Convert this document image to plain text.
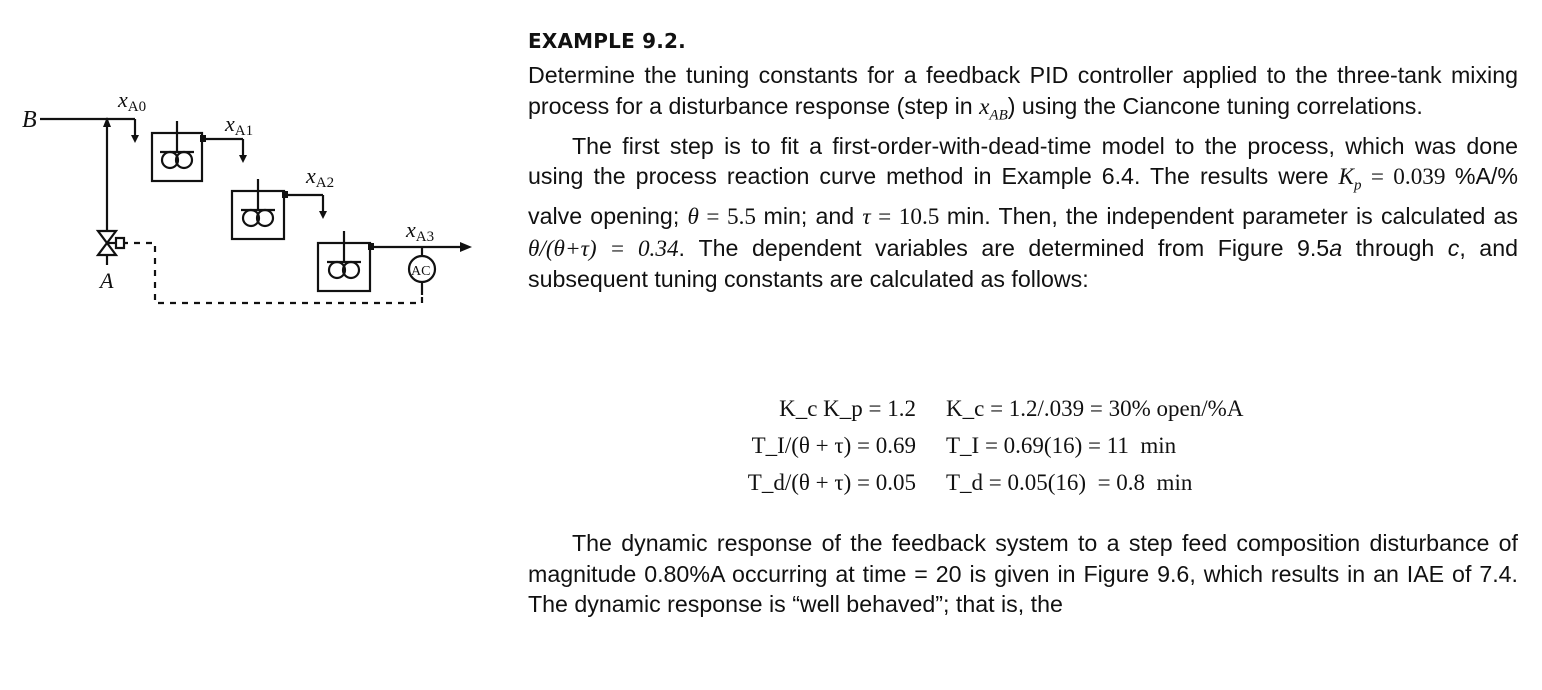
B
A
xA0
xA1
xA2
xA3
AC
EXAMPLE 9.2.

Determine the tuning constants for a feedback PID controller applied to the three-tank mixing process for a disturbance response (step in $x_{AB}$) using the Ciancone tuning correlations.

The first step is to fit a first-order-with-dead-time model to the process, which was done using the process reaction curve method in Example 6.4. The results were $K_p = 0.039$ %A/% valve opening; θ = 5.5 min; and τ = 10.5 min. Then, the independent parameter is calculated as θ/(θ+τ) = 0.34. The dependent variables are determined from Figure 9.5a through c, and subsequent tuning constants are calculated as follows:

K_c K_p = 1.2 K_c = 1.2/.039 = 30% open/%A
T_I/(θ + τ) = 0.69 T_I = 0.69(16) = 11  min
T_d/(θ + τ) = 0.05 T_d = 0.05(16)  = 0.8  min

The dynamic response of the feedback system to a step feed composition disturbance of magnitude 0.80%A occurring at time = 20 is given in Figure 9.6, which results in an IAE of 7.4. The dynamic response is “well behaved”; that is, the
